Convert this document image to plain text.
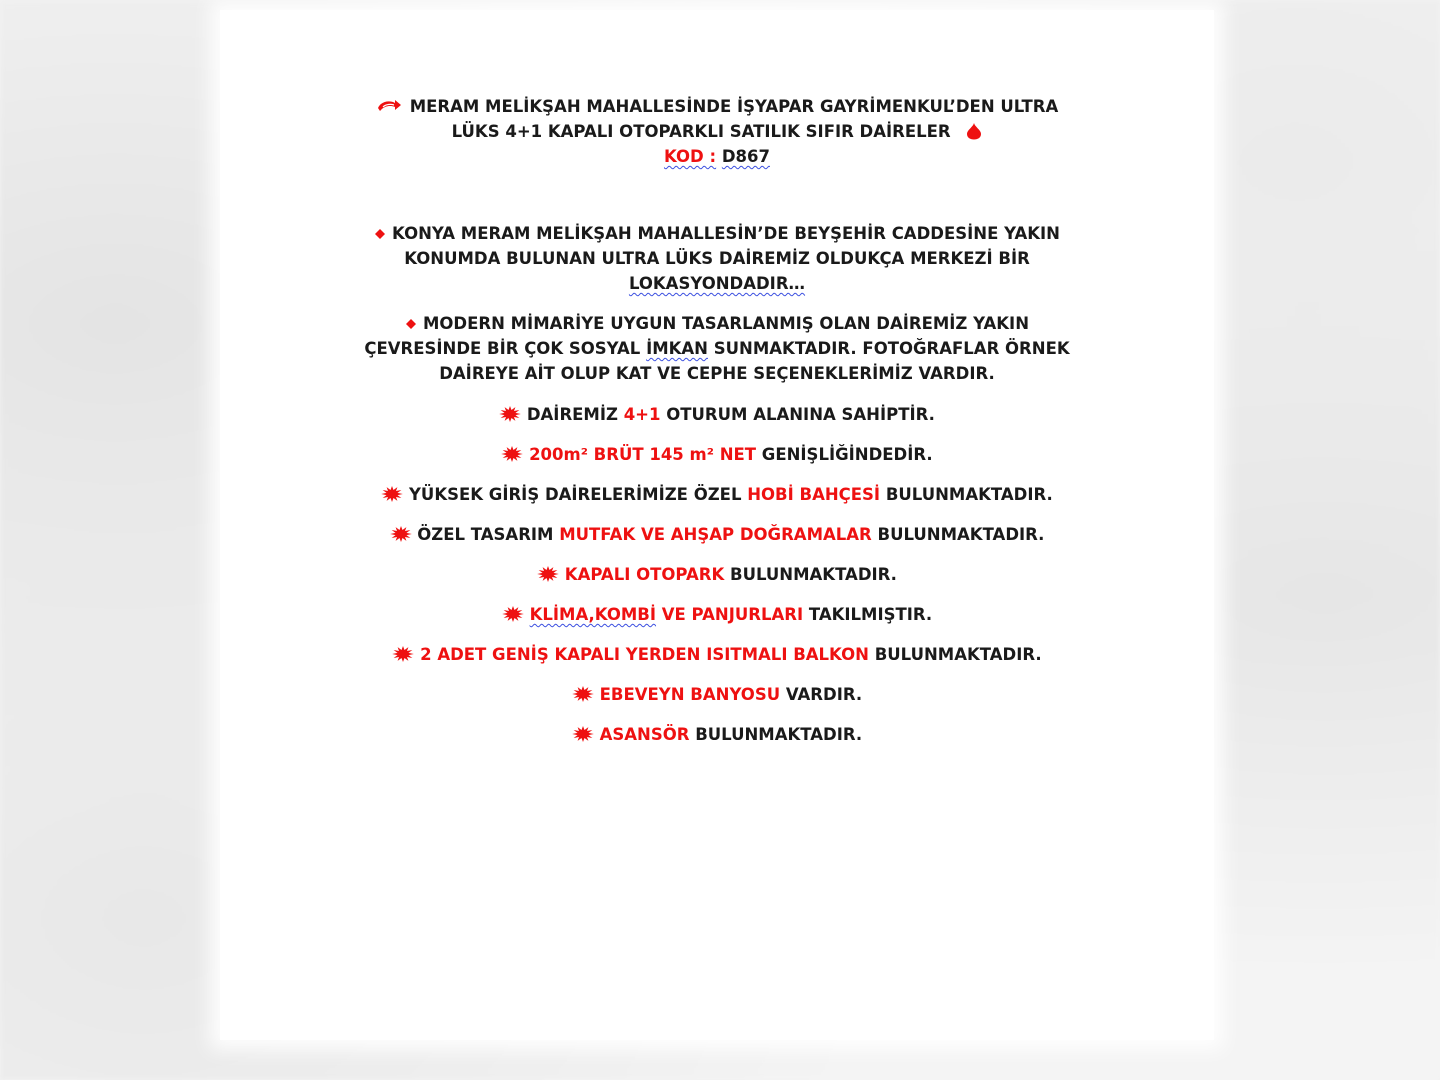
MERAM MELİKŞAH MAHALLESİNDE İŞYAPAR GAYRİMENKUL’DEN ULTRA
LÜKS 4+1 KAPALI OTOPARKLI SATILIK SIFIR DAİRELER

KOD : D867

KONYA MERAM MELİKŞAH MAHALLESİN’DE BEYŞEHİR CADDESİNE YAKIN
KONUMDA BULUNAN ULTRA LÜKS DAİREMİZ OLDUKÇA MERKEZİ BİR
LOKASYONDADIR…

MODERN MİMARİYE UYGUN TASARLANMIŞ OLAN DAİREMİZ YAKIN
ÇEVRESİNDE BİR ÇOK SOSYAL İMKAN SUNMAKTADIR. FOTOĞRAFLAR ÖRNEK
DAİREYE AİT OLUP KAT VE CEPHE SEÇENEKLERİMİZ VARDIR.

DAİREMİZ 4+1 OTURUM ALANINA SAHİPTİR.

200m² BRÜT 145 m² NET GENİŞLİĞİNDEDİR.

YÜKSEK GİRİŞ DAİRELERİMİZE ÖZEL HOBİ BAHÇESİ BULUNMAKTADIR.

ÖZEL TASARIM MUTFAK VE AHŞAP DOĞRAMALAR BULUNMAKTADIR.

KAPALI OTOPARK BULUNMAKTADIR.

KLİMA,KOMBİ VE PANJURLARI TAKILMIŞTIR.

2 ADET GENİŞ KAPALI YERDEN ISITMALI BALKON BULUNMAKTADIR.

EBEVEYN BANYOSU VARDIR.

ASANSÖR BULUNMAKTADIR.
